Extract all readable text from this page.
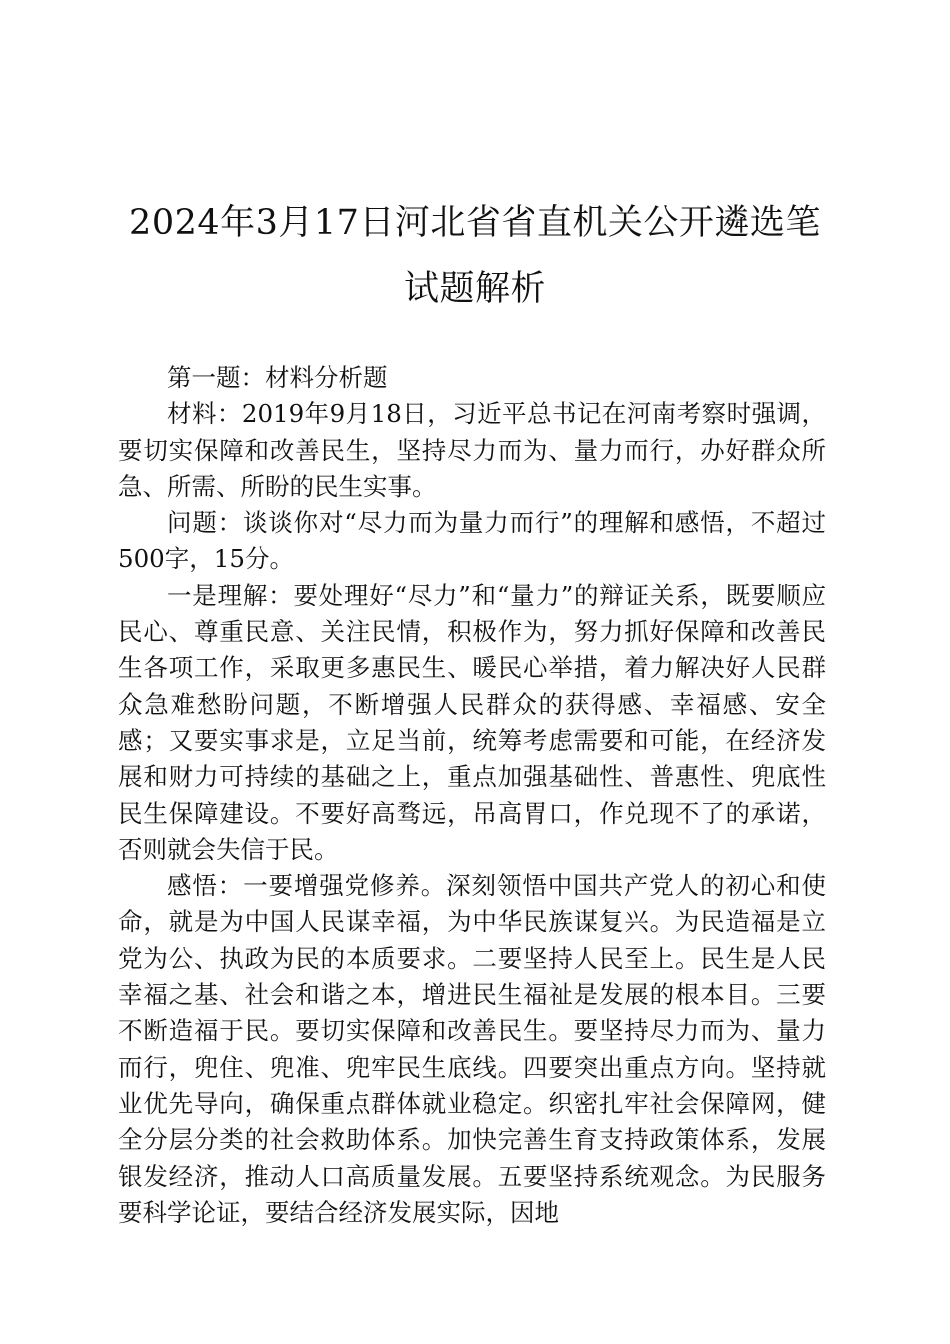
2024年3月17日河北省省直机关公开遴选笔
试题解析

第一题：材料分析题

材料：2019年9月18日，习近平总书记在河南考察时强调，要切实保障和改善民生，坚持尽力而为、量力而行，办好群众所急、所需、所盼的民生实事。

问题：谈谈你对“尽力而为量力而行”的理解和感悟，不超过500字，15分。

一是理解：要处理好“尽力”和“量力”的辩证关系，既要顺应民心、尊重民意、关注民情，积极作为，努力抓好保障和改善民生各项工作，采取更多惠民生、暖民心举措，着力解决好人民群众急难愁盼问题，不断增强人民群众的获得感、幸福感、安全感；又要实事求是，立足当前，统筹考虑需要和可能，在经济发展和财力可持续的基础之上，重点加强基础性、普惠性、兜底性民生保障建设。不要好高骛远，吊高胃口，作兑现不了的承诺，否则就会失信于民。

感悟：一要增强党修养。深刻领悟中国共产党人的初心和使命，就是为中国人民谋幸福，为中华民族谋复兴。为民造福是立党为公、执政为民的本质要求。二要坚持人民至上。民生是人民幸福之基、社会和谐之本，增进民生福祉是发展的根本目。三要不断造福于民。要切实保障和改善民生。要坚持尽力而为、量力而行，兜住、兜准、兜牢民生底线。四要突出重点方向。坚持就业优先导向，确保重点群体就业稳定。织密扎牢社会保障网，健全分层分类的社会救助体系。加快完善生育支持政策体系，发展银发经济，推动人口高质量发展。五要坚持系统观念。为民服务要科学论证，要结合经济发展实际，因地
